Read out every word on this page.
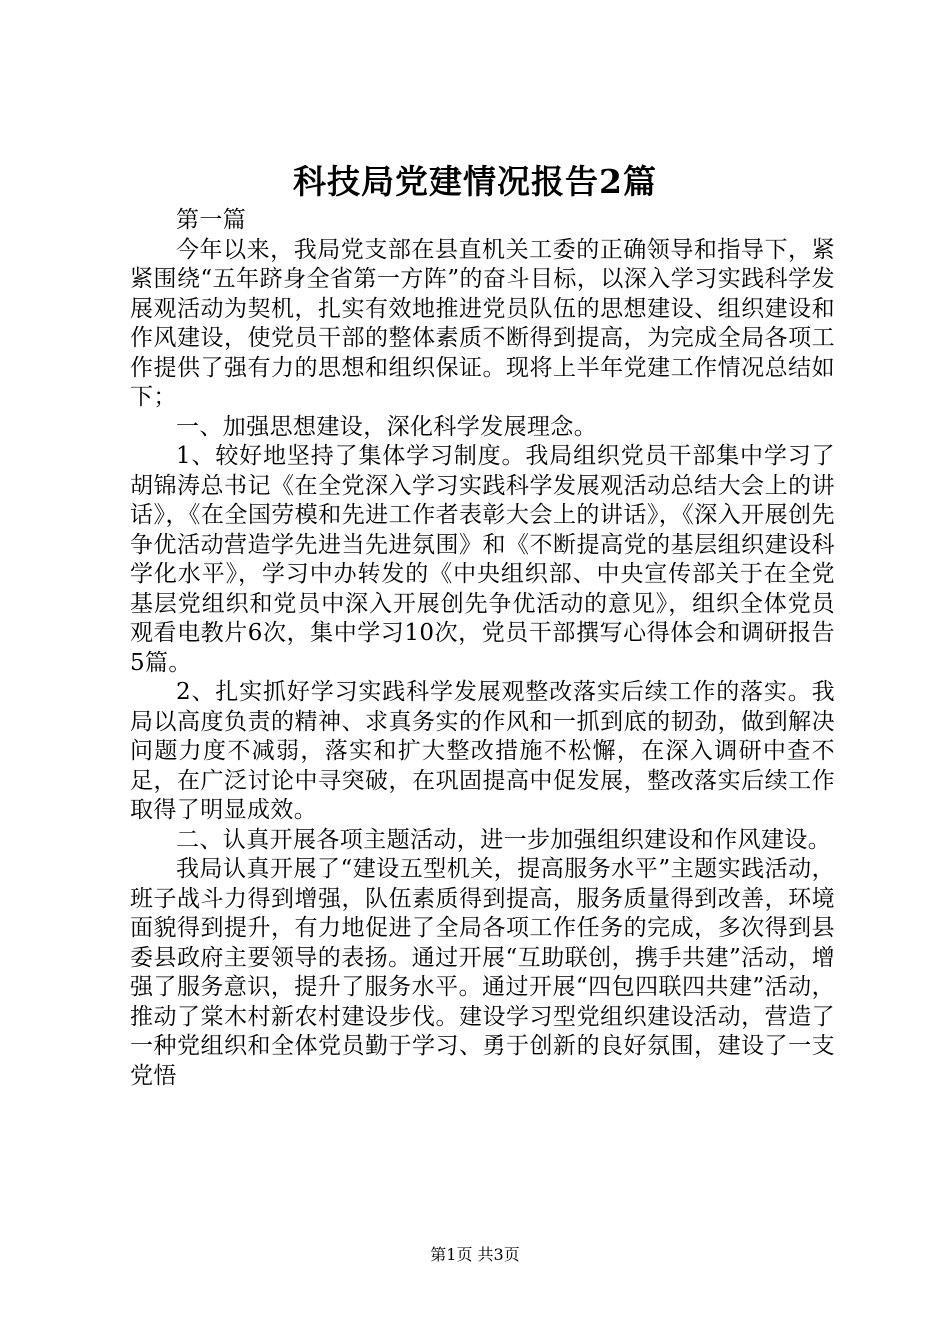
科技局党建情况报告2篇

第一篇

今年以来，我局党支部在县直机关工委的正确领导和指导下，紧紧围绕“五年跻身全省第一方阵”的奋斗目标，以深入学习实践科学发展观活动为契机，扎实有效地推进党员队伍的思想建设、组织建设和作风建设，使党员干部的整体素质不断得到提高，为完成全局各项工作提供了强有力的思想和组织保证。现将上半年党建工作情况总结如下；

一、加强思想建设，深化科学发展理念。

1、较好地坚持了集体学习制度。我局组织党员干部集中学习了胡锦涛总书记《在全党深入学习实践科学发展观活动总结大会上的讲话》，《在全国劳模和先进工作者表彰大会上的讲话》，《深入开展创先争优活动营造学先进当先进氛围》和《不断提高党的基层组织建设科学化水平》，学习中办转发的《中央组织部、中央宣传部关于在全党基层党组织和党员中深入开展创先争优活动的意见》，组织全体党员观看电教片6次，集中学习10次，党员干部撰写心得体会和调研报告5篇。

2、扎实抓好学习实践科学发展观整改落实后续工作的落实。我局以高度负责的精神、求真务实的作风和一抓到底的韧劲，做到解决问题力度不减弱，落实和扩大整改措施不松懈，在深入调研中查不足，在广泛讨论中寻突破，在巩固提高中促发展，整改落实后续工作取得了明显成效。

二、认真开展各项主题活动，进一步加强组织建设和作风建设。

我局认真开展了“建设五型机关，提高服务水平”主题实践活动，班子战斗力得到增强，队伍素质得到提高，服务质量得到改善，环境面貌得到提升，有力地促进了全局各项工作任务的完成，多次得到县委县政府主要领导的表扬。通过开展“互助联创，携手共建”活动，增强了服务意识，提升了服务水平。通过开展“四包四联四共建”活动，推动了棠木村新农村建设步伐。建设学习型党组织建设活动，营造了一种党组织和全体党员勤于学习、勇于创新的良好氛围，建设了一支党悟

第1页 共3页
